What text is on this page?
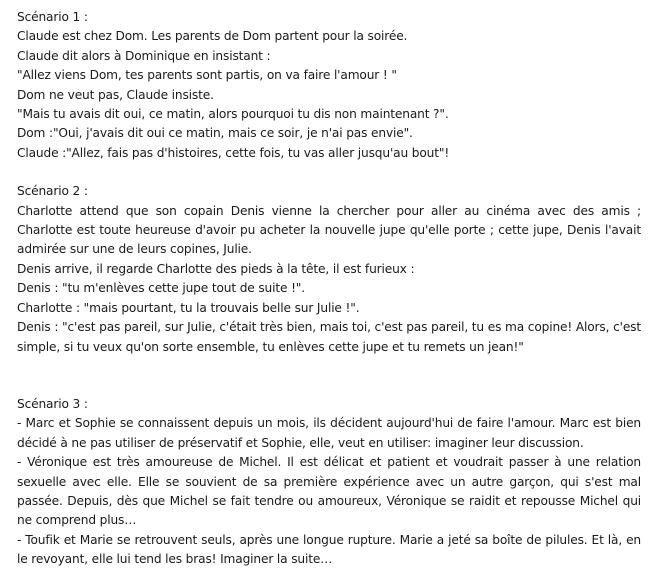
Scénario 1 :
Claude est chez Dom. Les parents de Dom partent pour la soirée.
Claude dit alors à Dominique en insistant :
"Allez viens Dom, tes parents sont partis, on va faire l'amour ! "
Dom ne veut pas, Claude insiste.
"Mais tu avais dit oui, ce matin, alors pourquoi tu dis non maintenant ?".
Dom :"Oui, j'avais dit oui ce matin, mais ce soir, je n'ai pas envie".
Claude :"Allez, fais pas d'histoires, cette fois, tu vas aller jusqu'au bout"!
Scénario 2 :
Charlotte attend que son copain Denis vienne la chercher pour aller au cinéma avec des amis ; Charlotte est toute heureuse d'avoir pu acheter la nouvelle jupe qu'elle porte ; cette jupe, Denis l'avait admirée sur une de leurs copines, Julie.
Denis arrive, il regarde Charlotte des pieds à la tête, il est furieux :
Denis : "tu m'enlèves cette jupe tout de suite !".
Charlotte : "mais pourtant, tu la trouvais belle sur Julie !".
Denis : "c'est pas pareil, sur Julie, c'était très bien, mais toi, c'est pas pareil, tu es ma copine! Alors, c'est simple, si tu veux qu'on sorte ensemble, tu enlèves cette jupe et tu remets un jean!"
Scénario 3 :
- Marc et Sophie se connaissent depuis un mois, ils décident aujourd'hui de faire l'amour. Marc est bien décidé à ne pas utiliser de préservatif et Sophie, elle, veut en utiliser: imaginer leur discussion.
- Véronique est très amoureuse de Michel. Il est délicat et patient et voudrait passer à une relation sexuelle avec elle. Elle se souvient de sa première expérience avec un autre garçon, qui s'est mal passée. Depuis, dès que Michel se fait tendre ou amoureux, Véronique se raidit et repousse Michel qui ne comprend plus…
- Toufik et Marie se retrouvent seuls, après une longue rupture. Marie a jeté sa boîte de pilules. Et là, en le revoyant, elle lui tend les bras! Imaginer la suite…
